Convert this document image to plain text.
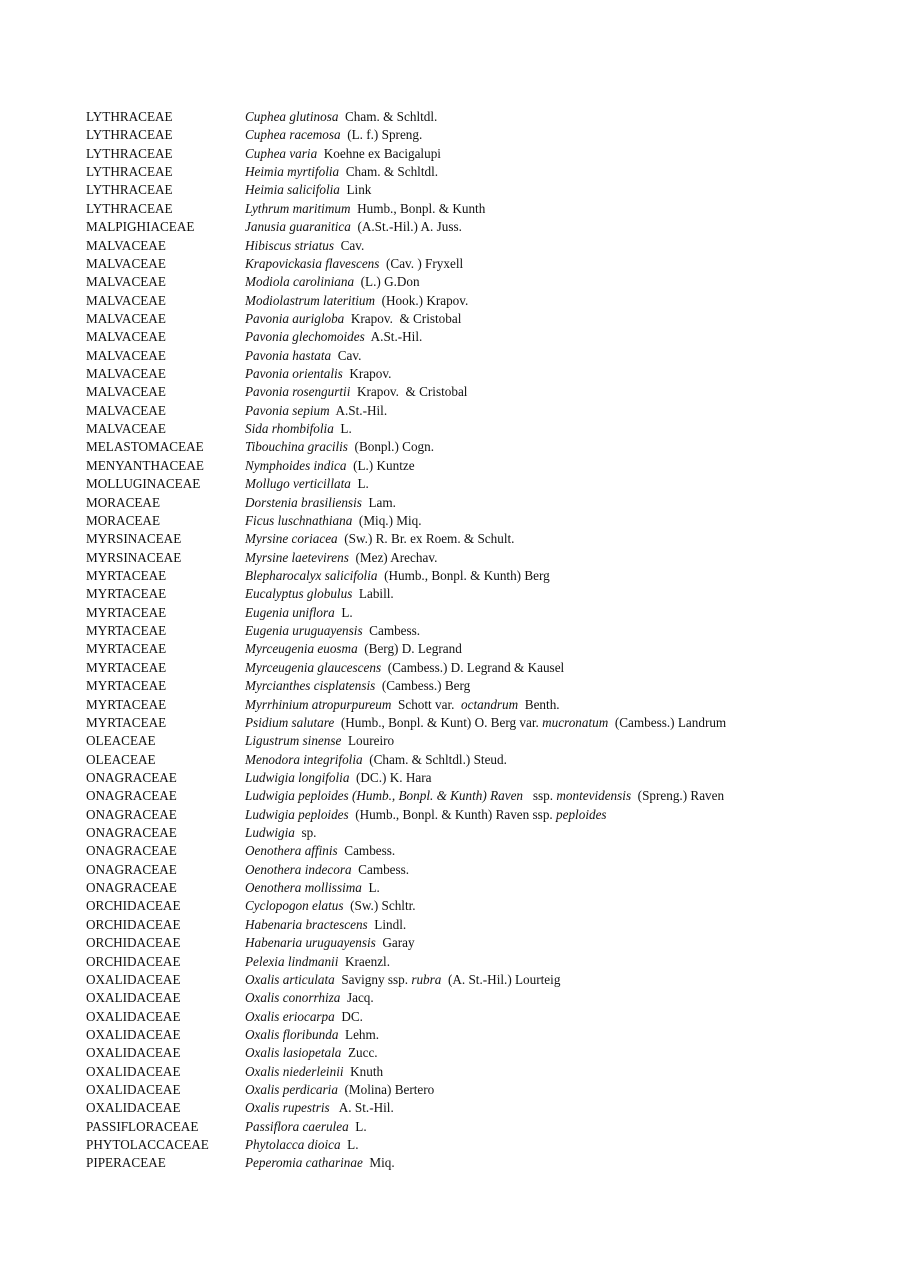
LYTHRACEAE	Cuphea glutinosa  Cham. & Schltdl.
LYTHRACEAE	Cuphea racemosa  (L. f.) Spreng.
LYTHRACEAE	Cuphea varia  Koehne ex Bacigalupi
LYTHRACEAE	Heimia myrtifolia  Cham. & Schltdl.
LYTHRACEAE	Heimia salicifolia  Link
LYTHRACEAE	Lythrum maritimum  Humb., Bonpl. & Kunth
MALPIGHIACEAE	Janusia guaranitica  (A.St.-Hil.) A. Juss.
MALVACEAE	Hibiscus striatus  Cav.
MALVACEAE	Krapovickasia flavescens  (Cav. ) Fryxell
MALVACEAE	Modiola caroliniana  (L.) G.Don
MALVACEAE	Modiolastrum lateritium  (Hook.) Krapov.
MALVACEAE	Pavonia aurigloba  Krapov.  & Cristobal
MALVACEAE	Pavonia glechomoides  A.St.-Hil.
MALVACEAE	Pavonia hastata  Cav.
MALVACEAE	Pavonia orientalis  Krapov.
MALVACEAE	Pavonia rosengurtii  Krapov.  & Cristobal
MALVACEAE	Pavonia sepium  A.St.-Hil.
MALVACEAE	Sida rhombifolia  L.
MELASTOMACEAE	Tibouchina gracilis  (Bonpl.) Cogn.
MENYANTHACEAE	Nymphoides indica  (L.) Kuntze
MOLLUGINACEAE	Mollugo verticillata  L.
MORACEAE	Dorstenia brasiliensis  Lam.
MORACEAE	Ficus luschnathiana  (Miq.) Miq.
MYRSINACEAE	Myrsine coriacea  (Sw.) R. Br. ex Roem. & Schult.
MYRSINACEAE	Myrsine laetevirens  (Mez) Arechav.
MYRTACEAE	Blepharocalyx salicifolia  (Humb., Bonpl. & Kunth) Berg
MYRTACEAE	Eucalyptus globulus  Labill.
MYRTACEAE	Eugenia uniflora  L.
MYRTACEAE	Eugenia uruguayensis  Cambess.
MYRTACEAE	Myrceugenia euosma  (Berg) D. Legrand
MYRTACEAE	Myrceugenia glaucescens  (Cambess.) D. Legrand & Kausel
MYRTACEAE	Myrcianthes cisplatensis  (Cambess.) Berg
MYRTACEAE	Myrrhinium atropurpureum  Schott var.  octandrum  Benth.
MYRTACEAE	Psidium salutare  (Humb., Bonpl. & Kunt) O. Berg var. mucronatum  (Cambess.) Landrum
OLEACEAE	Ligustrum sinense  Loureiro
OLEACEAE	Menodora integrifolia  (Cham. & Schltdl.) Steud.
ONAGRACEAE	Ludwigia longifolia  (DC.) K. Hara
ONAGRACEAE	Ludwigia peploides (Humb., Bonpl. & Kunth) Raven   ssp. montevidensis  (Spreng.) Raven
ONAGRACEAE	Ludwigia peploides  (Humb., Bonpl. & Kunth) Raven ssp. peploides
ONAGRACEAE	Ludwigia  sp.
ONAGRACEAE	Oenothera affinis  Cambess.
ONAGRACEAE	Oenothera indecora  Cambess.
ONAGRACEAE	Oenothera mollissima  L.
ORCHIDACEAE	Cyclopogon elatus  (Sw.) Schltr.
ORCHIDACEAE	Habenaria bractescens  Lindl.
ORCHIDACEAE	Habenaria uruguayensis  Garay
ORCHIDACEAE	Pelexia lindmanii  Kraenzl.
OXALIDACEAE	Oxalis articulata  Savigny ssp. rubra  (A. St.-Hil.) Lourteig
OXALIDACEAE	Oxalis conorrhiza  Jacq.
OXALIDACEAE	Oxalis eriocarpa  DC.
OXALIDACEAE	Oxalis floribunda  Lehm.
OXALIDACEAE	Oxalis lasiopetala  Zucc.
OXALIDACEAE	Oxalis niederleinii  Knuth
OXALIDACEAE	Oxalis perdicaria  (Molina) Bertero
OXALIDACEAE	Oxalis rupestris   A. St.-Hil.
PASSIFLORACEAE	Passiflora caerulea  L.
PHYTOLACCACEAE	Phytolacca dioica  L.
PIPERACEAE	Peperomia catharinae  Miq.
